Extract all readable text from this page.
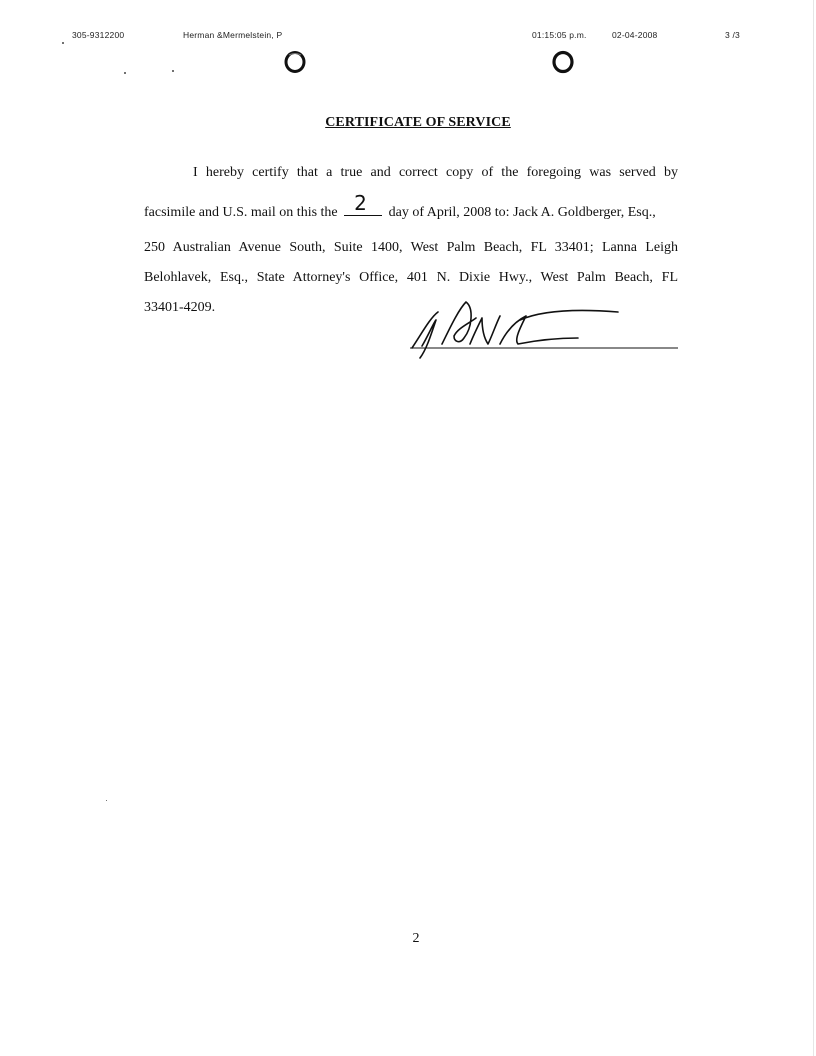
305-9312200	Herman &Mermelstein, P	01:15:05 p.m.	02-04-2008	3 /3
CERTIFICATE OF SERVICE
I hereby certify that a true and correct copy of the foregoing was served by
facsimile and U.S. mail on this the 2 day of April, 2008 to: Jack A. Goldberger, Esq.,
250 Australian Avenue South, Suite 1400, West Palm Beach, FL 33401; Lanna Leigh
Belohlavek, Esq., State Attorney's Office, 401 N. Dixie Hwy., West Palm Beach, FL
33401-4209.
2
